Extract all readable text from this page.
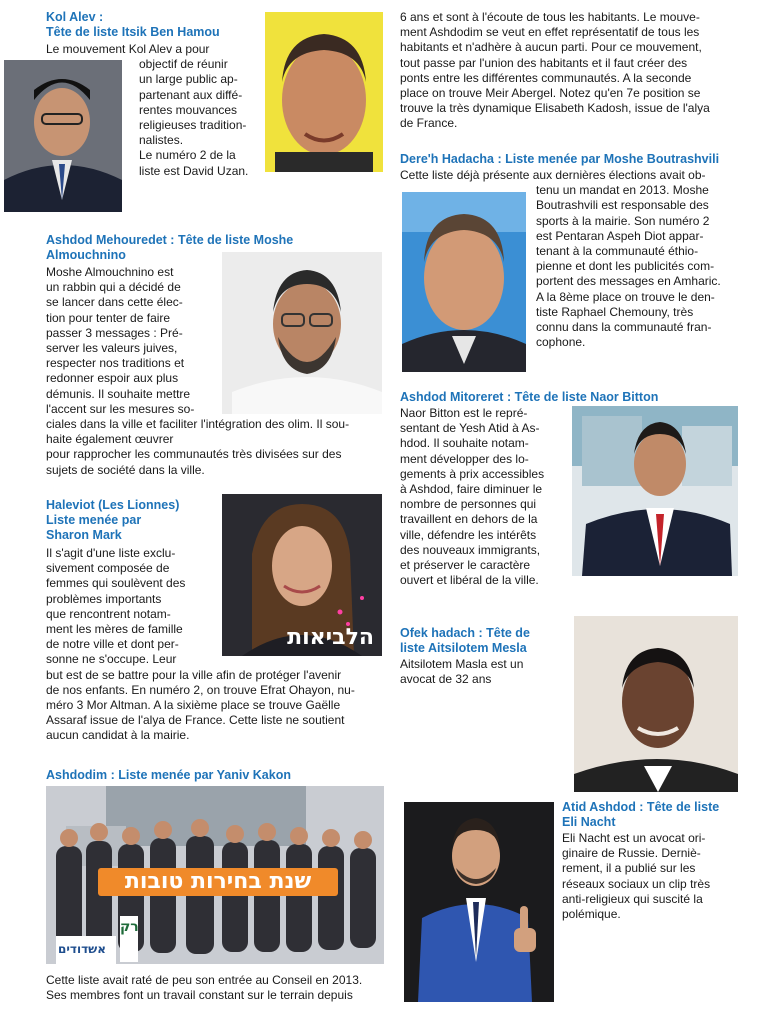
Kol Alev :
Tête de liste Itsik Ben Hamou
Le mouvement Kol Alev a pour
objectif de réunir
un large public ap-
partenant aux diffé-
rentes mouvances
religieuses tradition-
nalistes.
Le numéro 2 de la
liste est David Uzan.
Ashdod Mehouredet : Tête de liste Moshe
Almouchnino
Moshe Almouchnino est
un rabbin qui a décidé de
se lancer dans cette élec-
tion pour tenter de faire
passer 3 messages : Pré-
server les valeurs juives,
respecter nos traditions et
redonner espoir aux plus
démunis. Il souhaite mettre
l'accent sur les mesures so-
ciales dans la ville et faciliter l'intégration des olim. Il sou-
haite également œuvrer
pour rapprocher les communautés très divisées sur des
sujets de société dans la ville.
Haleviot (Les Lionnes)
Liste menée par
Sharon Mark
הלביאות
Il s'agit d'une liste exclu-
sivement composée de
femmes qui soulèvent des
problèmes importants
que rencontrent notam-
ment les mères de famille
de notre ville et dont per-
sonne ne s'occupe. Leur
but est de se battre pour la ville afin de protéger l'avenir
de nos enfants. En numéro 2, on trouve Efrat Ohayon, nu-
méro 3 Mor Altman. A la sixième place se trouve Gaëlle
Assaraf issue de l'alya de France. Cette liste ne soutient
aucun candidat à la mairie.
Ashdodim : Liste menée par Yaniv Kakon
שנת בחירות טובות
אשדודים
רק
Cette liste avait raté de peu son entrée au Conseil en 2013.
Ses membres font un travail constant sur le terrain depuis
6 ans et sont à l'écoute de tous les habitants. Le mouve-
ment Ashdodim se veut en effet représentatif de tous les
habitants et n'adhère à aucun parti. Pour ce mouvement,
tout passe par l'union des habitants et il faut créer des
ponts entre les différentes communautés. A la seconde
place on trouve Meir Abergel. Notez qu'en 7e position se
trouve la très dynamique Elisabeth Kadosh, issue de l'alya
de France.
Dere'h Hadacha : Liste menée par Moshe Boutrashvili
Cette liste déjà présente aux dernières élections avait ob-
tenu un mandat en 2013. Moshe
Boutrashvili est responsable des
sports à la mairie. Son numéro 2
est Pentaran Aspeh Diot appar-
tenant à la communauté éthio-
pienne et dont les publicités com-
portent des messages en Amharic.
A la 8ème place on trouve le den-
tiste Raphael Chemouny, très
connu dans la communauté fran-
cophone.
Ashdod Mitoreret : Tête de liste Naor Bitton
Naor Bitton est le repré-
sentant de Yesh Atid à As-
hdod. Il souhaite notam-
ment développer des lo-
gements à prix accessibles
à Ashdod, faire diminuer le
nombre de personnes qui
travaillent en dehors de la
ville, défendre les intérêts
des nouveaux immigrants,
et préserver le caractère
ouvert et libéral de la ville.
Ofek hadach : Tête de
liste Aitsilotem Mesla
Aitsilotem Masla est un
avocat de 32 ans
Atid Ashdod : Tête de liste
Eli Nacht
Eli Nacht est un avocat ori-
ginaire de Russie. Derniè-
rement, il a publié sur les
réseaux sociaux un clip très
anti-religieux qui suscité la
polémique.
